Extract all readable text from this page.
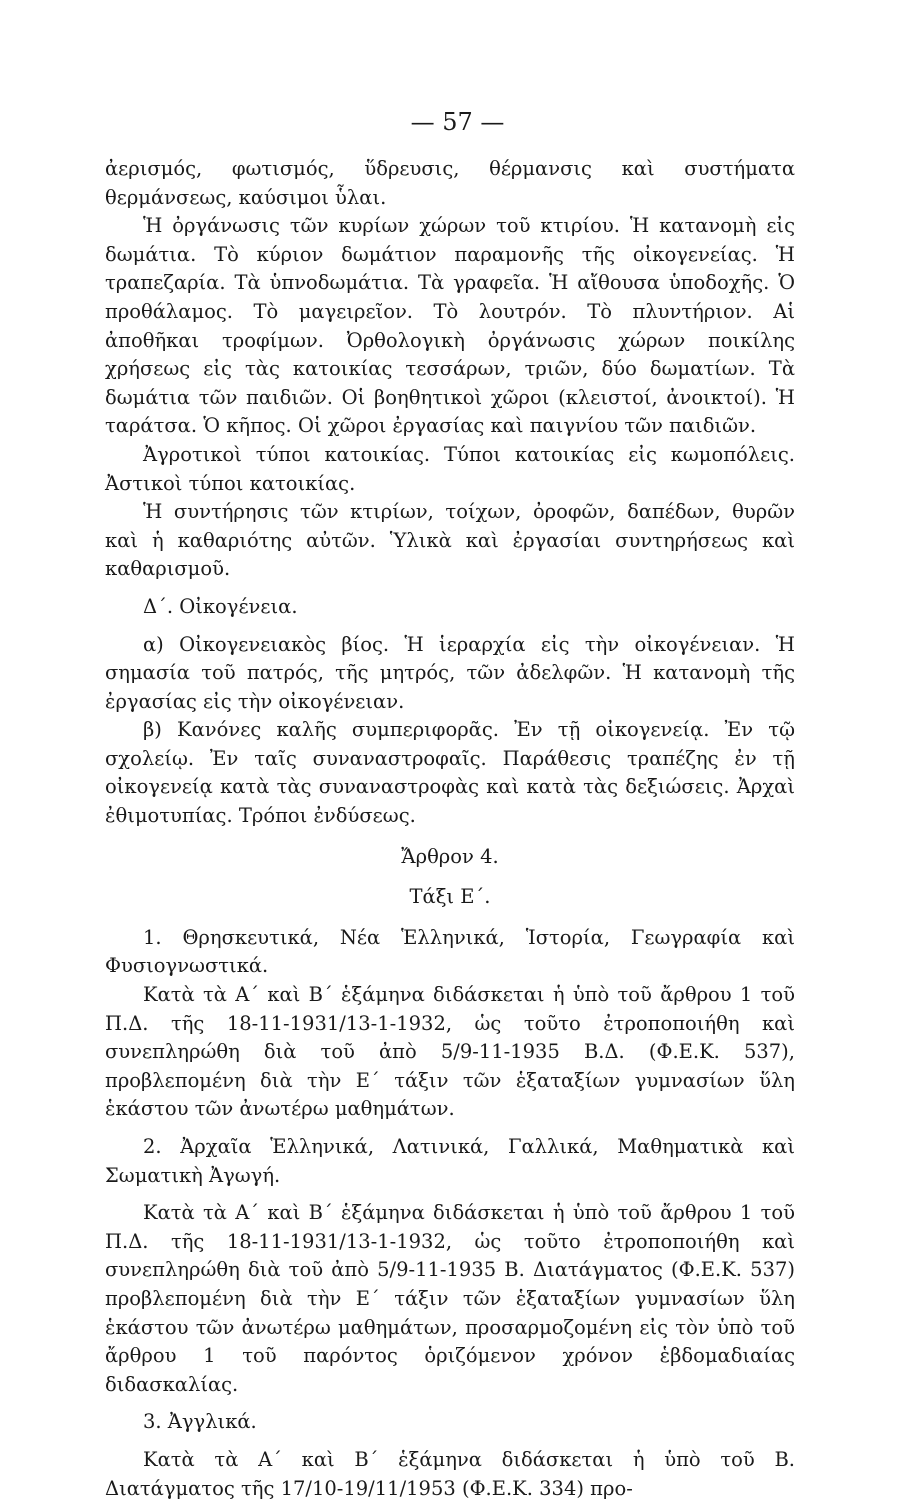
— 57 —

ἀερισμός, φωτισμός, ὕδρευσις, θέρμανσις καὶ συστήματα θερμάνσεως, καύσιμοι ὗλαι.

Ἡ ὀργάνωσις τῶν κυρίων χώρων τοῦ κτιρίου. Ἡ κατανομὴ εἰς δωμάτια. Τὸ κύριον δωμάτιον παραμονῆς τῆς οἰκογενείας. Ἡ τραπεζαρία. Τὰ ὑπνοδωμάτια. Τὰ γραφεῖα. Ἡ αἴθουσα ὑποδοχῆς. Ὁ προθάλαμος. Τὸ μαγειρεῖον. Τὸ λουτρόν. Τὸ πλυντήριον. Αἱ ἀποθῆκαι τροφίμων. Ὀρθολογικὴ ὀργάνωσις χώρων ποικίλης χρήσεως εἰς τὰς κατοικίας τεσσάρων, τριῶν, δύο δωματίων. Τὰ δωμάτια τῶν παιδιῶν. Οἱ βοηθητικοὶ χῶροι (κλειστοί, ἀνοικτοί). Ἡ ταράτσα. Ὁ κῆπος. Οἱ χῶροι ἐργασίας καὶ παιγνίου τῶν παιδιῶν.

Ἀγροτικοὶ τύποι κατοικίας. Τύποι κατοικίας εἰς κωμοπόλεις. Ἀστικοὶ τύποι κατοικίας.

Ἡ συντήρησις τῶν κτιρίων, τοίχων, ὀροφῶν, δαπέδων, θυρῶν καὶ ἡ καθαριότης αὐτῶν. Ὑλικὰ καὶ ἐργασίαι συντηρήσεως καὶ καθαρισμοῦ.

Δ΄. Οἰκογένεια.

α) Οἰκογενειακὸς βίος. Ἡ ἱεραρχία εἰς τὴν οἰκογένειαν. Ἡ σημασία τοῦ πατρός, τῆς μητρός, τῶν ἀδελφῶν. Ἡ κατανομὴ τῆς ἐργασίας εἰς τὴν οἰκογένειαν.

β) Κανόνες καλῆς συμπεριφορᾶς. Ἐν τῇ οἰκογενείᾳ. Ἐν τῷ σχολείῳ. Ἐν ταῖς συναναστροφαῖς. Παράθεσις τραπέζης ἐν τῇ οἰκογενείᾳ κατὰ τὰς συναναστροφὰς καὶ κατὰ τὰς δεξιώσεις. Ἀρχαὶ ἐθιμοτυπίας. Τρόποι ἐνδύσεως.

Ἄρθρον 4.

Τάξι Ε΄.

1. Θρησκευτικά, Νέα Ἑλληνικά, Ἱστορία, Γεωγραφία καὶ Φυσιογνωστικά.

Κατὰ τὰ Α΄ καὶ Β΄ ἑξάμηνα διδάσκεται ἡ ὑπὸ τοῦ ἄρθρου 1 τοῦ Π.Δ. τῆς 18-11-1931/13-1-1932, ὡς τοῦτο ἐτροποποιήθη καὶ συνεπληρώθη διὰ τοῦ ἀπὸ 5/9-11-1935 Β.Δ. (Φ.Ε.Κ. 537), προβλεπομένη διὰ τὴν Ε΄ τάξιν τῶν ἑξαταξίων γυμνασίων ὕλη ἑκάστου τῶν ἀνωτέρω μαθημάτων.

2. Ἀρχαῖα Ἑλληνικά, Λατινικά, Γαλλικά, Μαθηματικὰ καὶ Σωματικὴ Ἀγωγή.

Κατὰ τὰ Α΄ καὶ Β΄ ἑξάμηνα διδάσκεται ἡ ὑπὸ τοῦ ἄρθρου 1 τοῦ Π.Δ. τῆς 18-11-1931/13-1-1932, ὡς τοῦτο ἐτροποποιήθη καὶ συνεπληρώθη διὰ τοῦ ἀπὸ 5/9-11-1935 Β. Διατάγματος (Φ.Ε.Κ. 537) προβλεπομένη διὰ τὴν Ε΄ τάξιν τῶν ἑξαταξίων γυμνασίων ὕλη ἑκάστου τῶν ἀνωτέρω μαθημάτων, προσαρμοζομένη εἰς τὸν ὑπὸ τοῦ ἄρθρου 1 τοῦ παρόντος ὁριζόμενον χρόνον ἑβδομαδιαίας διδασκαλίας.

3. Ἀγγλικά.

Κατὰ τὰ Α΄ καὶ Β΄ ἑξάμηνα διδάσκεται ἡ ὑπὸ τοῦ Β. Διατάγματος τῆς 17/10-19/11/1953 (Φ.Ε.Κ. 334) προ-
